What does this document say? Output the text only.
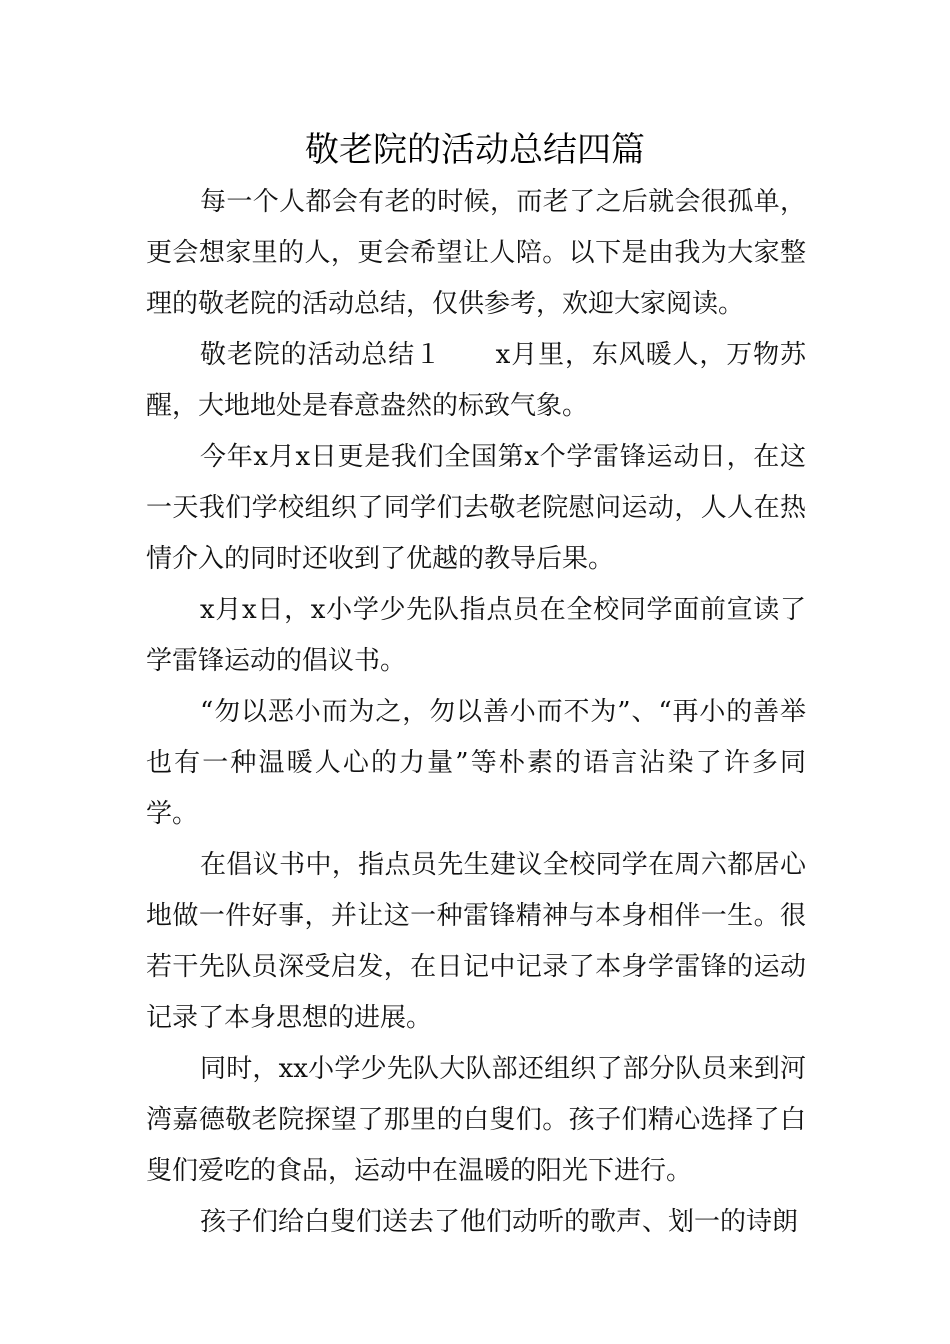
敬老院的活动总结四篇

每一个人都会有老的时候，而老了之后就会很孤单，更会想家里的人，更会希望让人陪。以下是由我为大家整理的敬老院的活动总结，仅供参考，欢迎大家阅读。

敬老院的活动总结１　　x月里，东风暖人，万物苏醒，大地地处是春意盎然的标致气象。

今年x月x日更是我们全国第x个学雷锋运动日，在这一天我们学校组织了同学们去敬老院慰问运动，人人在热情介入的同时还收到了优越的教导后果。

x月x日，x小学少先队指点员在全校同学面前宣读了学雷锋运动的倡议书。

“勿以恶小而为之，勿以善小而不为”、“再小的善举也有一种温暖人心的力量”等朴素的语言沾染了许多同学。

在倡议书中，指点员先生建议全校同学在周六都居心地做一件好事，并让这一种雷锋精神与本身相伴一生。很若干先队员深受启发，在日记中记录了本身学雷锋的运动记录了本身思想的进展。

同时，xx小学少先队大队部还组织了部分队员来到河湾嘉德敬老院探望了那里的白叟们。孩子们精心选择了白叟们爱吃的食品，运动中在温暖的阳光下进行。

孩子们给白叟们送去了他们动听的歌声、划一的诗朗
